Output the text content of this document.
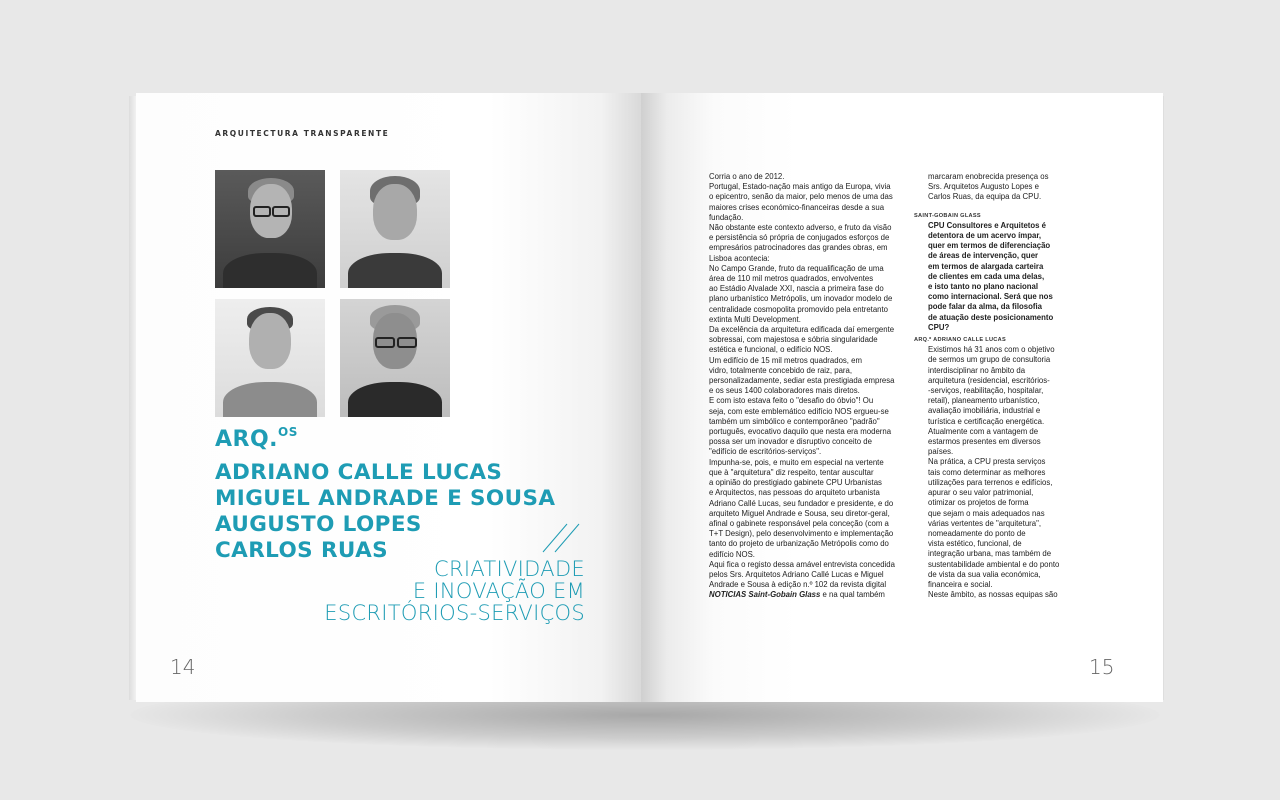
ARQUITECTURA TRANSPARENTE
ARQ.$^{OS}$
ADRIANO CALLE LUCAS
MIGUEL ANDRADE E SOUSA
AUGUSTO LOPES
CARLOS RUAS
CRIATIVIDADE
E INOVAÇÃO EM
ESCRITÓRIOS-SERVIÇOS
14

Corria o ano de 2012.

Portugal, Estado-nação mais antigo da Europa, vivia

o epicentro, senão da maior, pelo menos de uma das

maiores crises económico-financeiras desde a sua

fundação.

Não obstante este contexto adverso, e fruto da visão

e persistência só própria de conjugados esforços de

empresários patrocinadores das grandes obras, em

Lisboa acontecia:

No Campo Grande, fruto da requalificação de uma

área de 110 mil metros quadrados, envolventes

ao Estádio Alvalade XXI, nascia a primeira fase do

plano urbanístico Metrópolis, um inovador modelo de

centralidade cosmopolita promovido pela entretanto

extinta Multi Development.

Da excelência da arquitetura edificada daí emergente

sobressai, com majestosa e sóbria singularidade

estética e funcional, o edifício NOS.

Um edifício de 15 mil metros quadrados, em

vidro, totalmente concebido de raiz, para,

personalizadamente, sediar esta prestigiada empresa

e os seus 1400 colaboradores mais diretos.

E com isto estava feito o "desafio do óbvio"! Ou

seja, com este emblemático edifício NOS ergueu-se

também um simbólico e contemporâneo "padrão"

português, evocativo daquilo que nesta era moderna

possa ser um inovador e disruptivo conceito de

"edifício de escritórios-serviços".

Impunha-se, pois, e muito em especial na vertente

que à "arquitetura" diz respeito, tentar auscultar

a opinião do prestigiado gabinete CPU Urbanistas

e Arquitectos, nas pessoas do arquiteto urbanista

Adriano Callé Lucas, seu fundador e presidente, e do

arquiteto Miguel Andrade e Sousa, seu diretor-geral,

afinal o gabinete responsável pela conceção (com a

T+T Design), pelo desenvolvimento e implementação

tanto do projeto de urbanização Metrópolis como do

edifício NOS.

Aqui fica o registo dessa amável entrevista concedida

pelos Srs. Arquitetos Adriano Callé Lucas e Miguel

Andrade e Sousa à edição n.º 102 da revista digital

NOTICIAS Saint-Gobain Glass e na qual também

marcaram enobrecida presença os

Srs. Arquitetos Augusto Lopes e

Carlos Ruas, da equipa da CPU.

SAINT-GOBAIN GLASS

CPU Consultores e Arquitetos é

detentora de um acervo ímpar,

quer em termos de diferenciação

de áreas de intervenção, quer

em termos de alargada carteira

de clientes em cada uma delas,

e isto tanto no plano nacional

como internacional. Será que nos

pode falar da alma, da filosofia

de atuação deste posicionamento

CPU?

ARQ.º ADRIANO CALLE LUCAS

Existimos há 31 anos com o objetivo

de sermos um grupo de consultoria

interdisciplinar no âmbito da

arquitetura (residencial, escritórios-

-serviços, reabilitação, hospitalar,

retail), planeamento urbanístico,

avaliação imobiliária, industrial e

turística e certificação energética.

Atualmente com a vantagem de

estarmos presentes em diversos

países.

Na prática, a CPU presta serviços

tais como determinar as melhores

utilizações para terrenos e edifícios,

apurar o seu valor patrimonial,

otimizar os projetos de forma

que sejam o mais adequados nas

várias vertentes de "arquitetura",

nomeadamente do ponto de

vista estético, funcional, de

integração urbana, mas também de

sustentabilidade ambiental e do ponto

de vista da sua valia económica,

financeira e social.

Neste âmbito, as nossas equipas são

15
